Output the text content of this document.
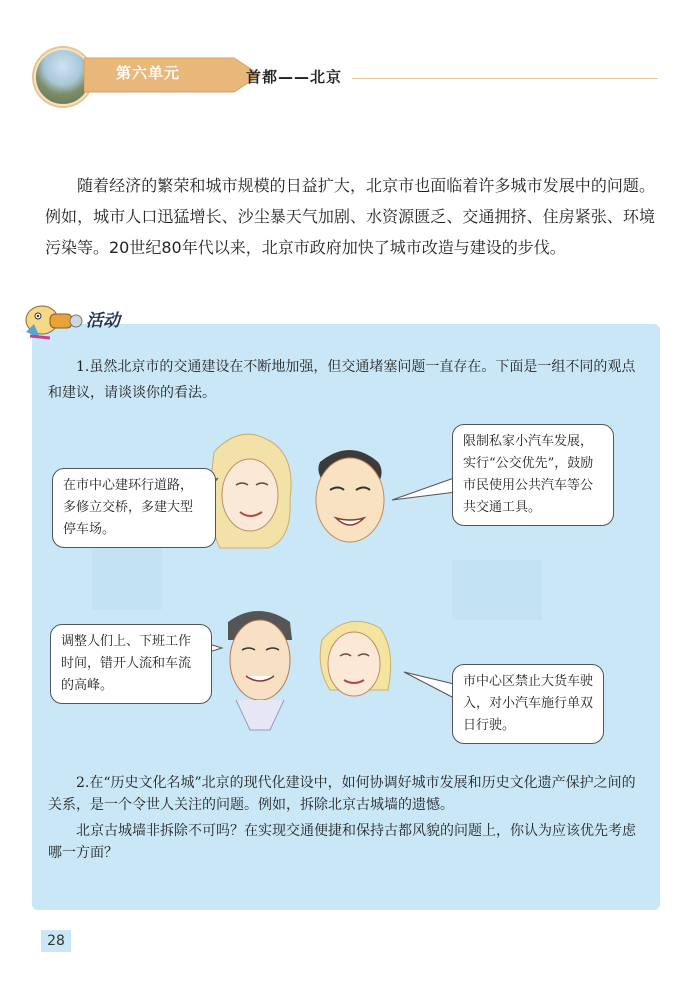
第六单元	首都——北京
随着经济的繁荣和城市规模的日益扩大，北京市也面临着许多城市发展中的问题。例如，城市人口迅猛增长、沙尘暴天气加剧、水资源匮乏、交通拥挤、住房紧张、环境污染等。20世纪80年代以来，北京市政府加快了城市改造与建设的步伐。
活动
1.虽然北京市的交通建设在不断地加强，但交通堵塞问题一直存在。下面是一组不同的观点和建议，请谈谈你的看法。
在市中心建环行道路，多修立交桥，多建大型停车场。
限制私家小汽车发展，实行“公交优先”，鼓励市民使用公共汽车等公共交通工具。
调整人们上、下班工作时间，错开人流和车流的高峰。	市中心区禁止大货车驶入，对小汽车施行单双日行驶。
2.在“历史文化名城”北京的现代化建设中，如何协调好城市发展和历史文化遗产保护之间的关系，是一个令世人关注的问题。例如，拆除北京古城墙的遗憾。
北京古城墙非拆除不可吗？在实现交通便捷和保持古都风貌的问题上，你认为应该优先考虑哪一方面？
28
